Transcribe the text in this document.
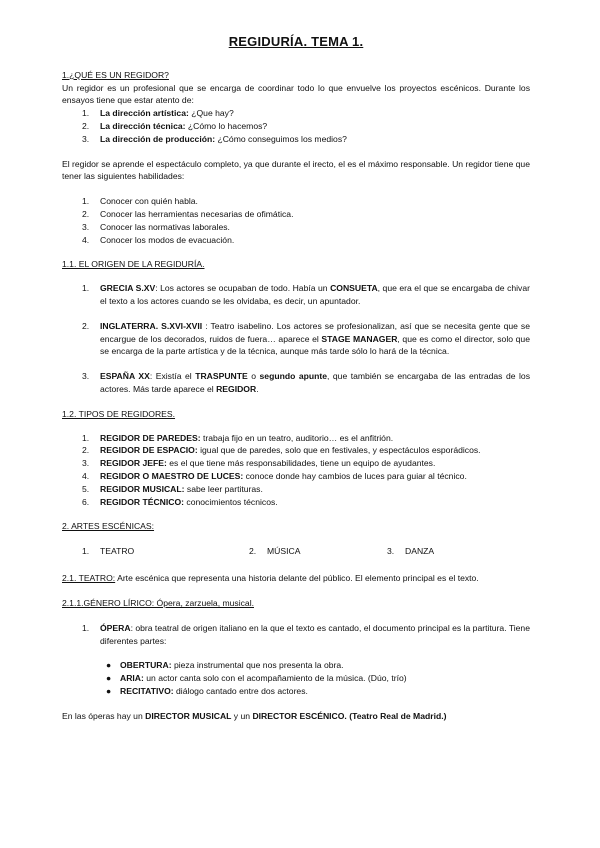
REGIDURÍA. TEMA 1.

1.¿QUÉ ES UN REGIDOR?

Un regidor es un profesional que se encarga de coordinar todo lo que envuelve los proyectos escénicos. Durante los ensayos tiene que estar atento de:

1. La dirección artística: ¿Que hay?
2. La dirección técnica: ¿Cómo lo hacemos?
3. La dirección de producción: ¿Cómo conseguimos los medios?

El regidor se aprende el espectáculo completo, ya que durante el irecto, el es el máximo responsable. Un regidor tiene que tener las siguientes habilidades:

1. Conocer con quién habla.
2. Conocer las herramientas necesarias de ofimática.
3. Conocer las normativas laborales.
4. Conocer los modos de evacuación.

1.1. EL ORIGEN DE LA REGIDURÍA.

1. GRECIA S.XV: Los actores se ocupaban de todo. Había un CONSUETA, que era el que se encargaba de chivar el texto a los actores cuando se les olvidaba, es decir, un apuntador.
2. INGLATERRA. S.XVI-XVII : Teatro isabelino. Los actores se profesionalizan, así que se necesita gente que se encargue de los decorados, ruidos de fuera… aparece el STAGE MANAGER, que es como el director, solo que se encarga de la parte artística y de la técnica, aunque más tarde sólo lo hará de la técnica.
3. ESPAÑA XX: Existía el TRASPUNTE o segundo apunte, que también se encargaba de las entradas de los actores. Más tarde aparece el REGIDOR.

1.2. TIPOS DE REGIDORES.

1. REGIDOR DE PAREDES: trabaja fijo en un teatro, auditorio… es el anfitrión.
2. REGIDOR DE ESPACIO: igual que de paredes, solo que en festivales, y espectáculos esporádicos.
3. REGIDOR JEFE: es el que tiene más responsabilidades, tiene un equipo de ayudantes.
4. REGIDOR O MAESTRO DE LUCES: conoce donde hay cambios de luces para guiar al técnico.
5. REGIDOR MUSICAL: sabe leer partituras.
6. REGIDOR TÉCNICO: conocimientos técnicos.

2. ARTES ESCÉNICAS:

1. TEATRO	2. MÚSICA	3. DANZA

2.1. TEATRO: Arte escénica que representa una historia delante del público. El elemento principal es el texto.

2.1.1.GÉNERO LÍRICO: Ópera, zarzuela, musical.

1. ÓPERA: obra teatral de origen italiano en la que el texto es cantado, el documento principal es la partitura. Tiene diferentes partes:
● OBERTURA: pieza instrumental que nos presenta la obra.
● ARIA: un actor canta solo con el acompañamiento de la música. (Dúo, trío)
● RECITATIVO: diálogo cantado entre dos actores.

En las óperas hay un DIRECTOR MUSICAL y un DIRECTOR ESCÉNICO. (Teatro Real de Madrid.)
